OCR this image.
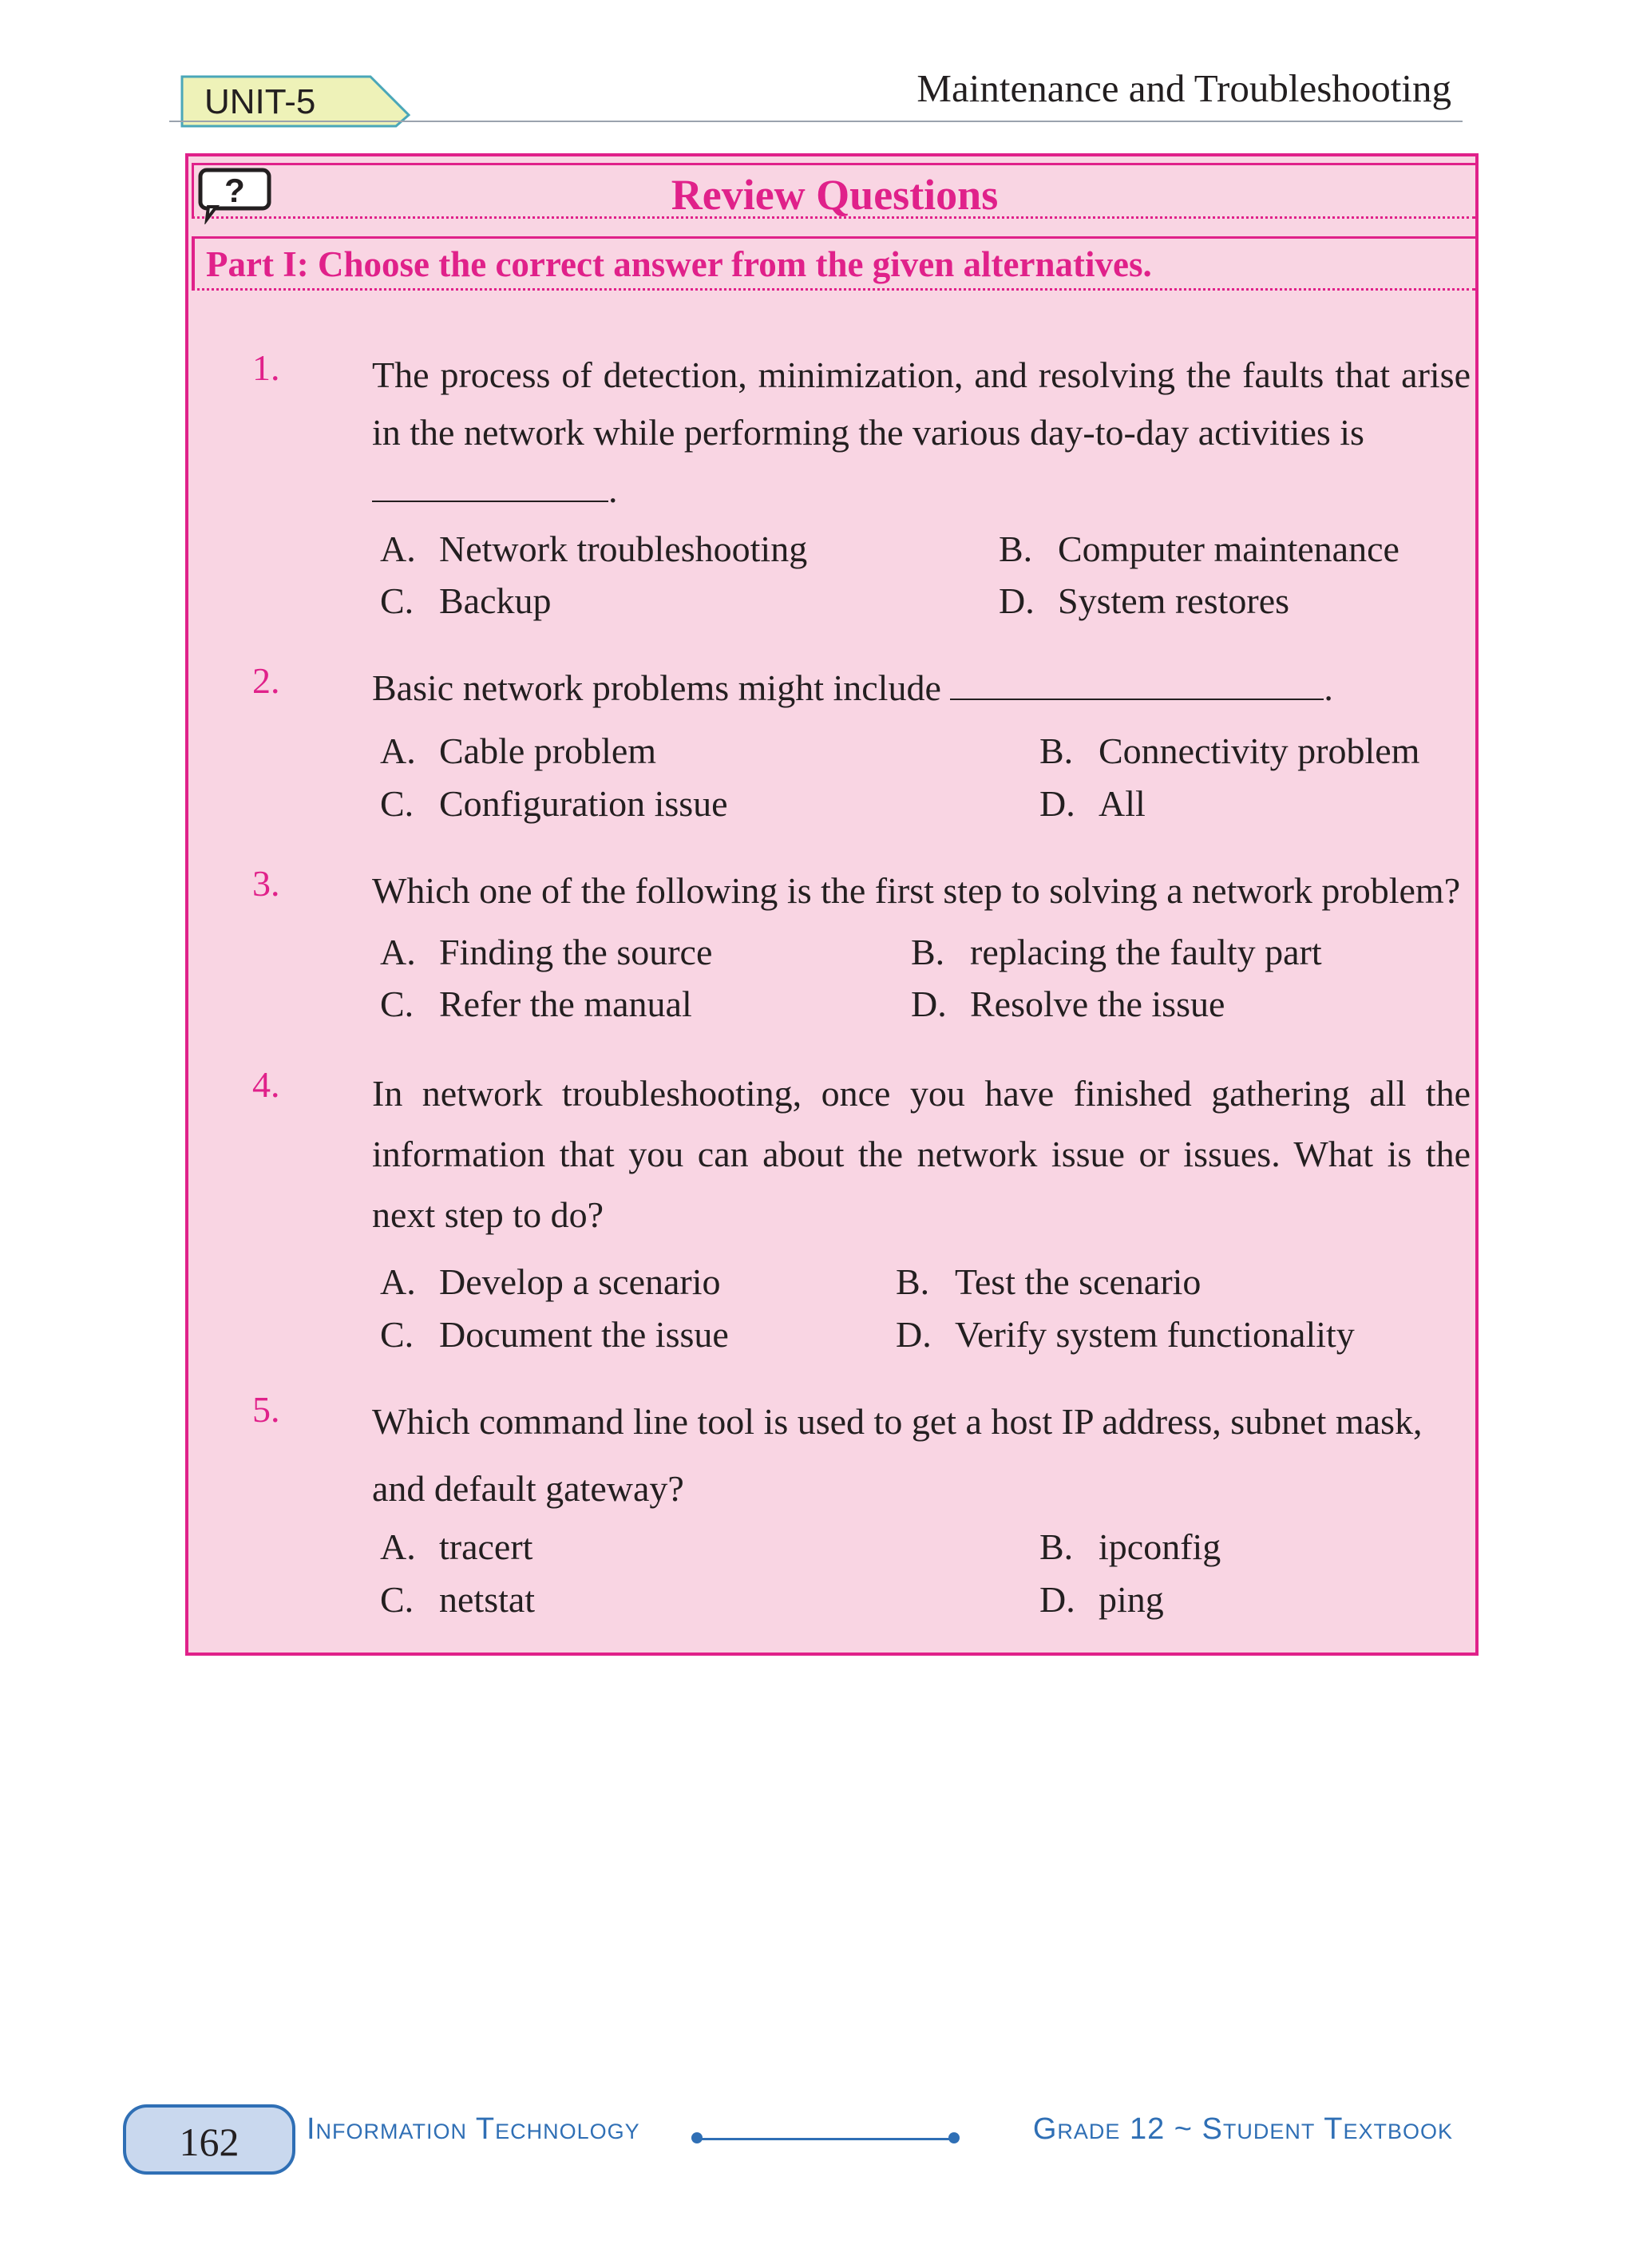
UNIT-5	Maintenance and Troubleshooting
?	Review Questions
Part I: Choose the correct answer from the given alternatives.
1.	The process of detection, minimization, and resolving the faults that arise in the network while performing the various day-to-day activities is
.
A. Network troubleshooting	B. Computer maintenance
C. Backup	D. System restores
2.	Basic network problems might include	.
A. Cable problem	B. Connectivity problem
C. Configuration issue	D. All
3.	Which one of the following is the first step to solving a network problem?
A. Finding the source	B. replacing the faulty part
C. Refer the manual	D. Resolve the issue
4.	In network troubleshooting, once you have finished gathering all the information that you can about the network issue or issues. What is the next step to do?
A. Develop a scenario	B. Test the scenario
C. Document the issue	D. Verify system functionality
5.	Which command line tool is used to get a host IP address, subnet mask, and default gateway?
A. tracert	B. ipconfig
C. netstat	D. ping
162	Information Technology	Grade 12 ~ Student Textbook
